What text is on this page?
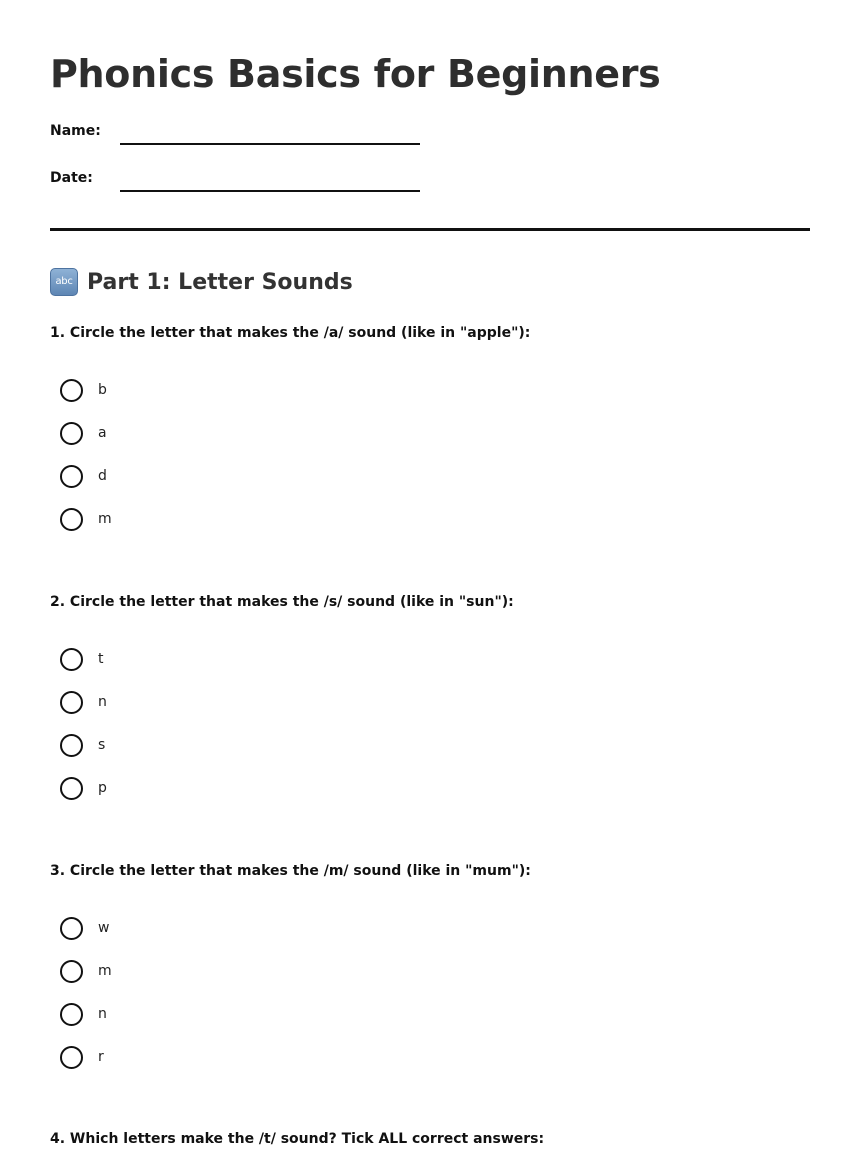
Phonics Basics for Beginners
Name:
Date:
abc Part 1: Letter Sounds
1. Circle the letter that makes the /a/ sound (like in "apple"):
b
a
d
m
2. Circle the letter that makes the /s/ sound (like in "sun"):
t
n
s
p
3. Circle the letter that makes the /m/ sound (like in "mum"):
w
m
n
r
4. Which letters make the /t/ sound? Tick ALL correct answers:
